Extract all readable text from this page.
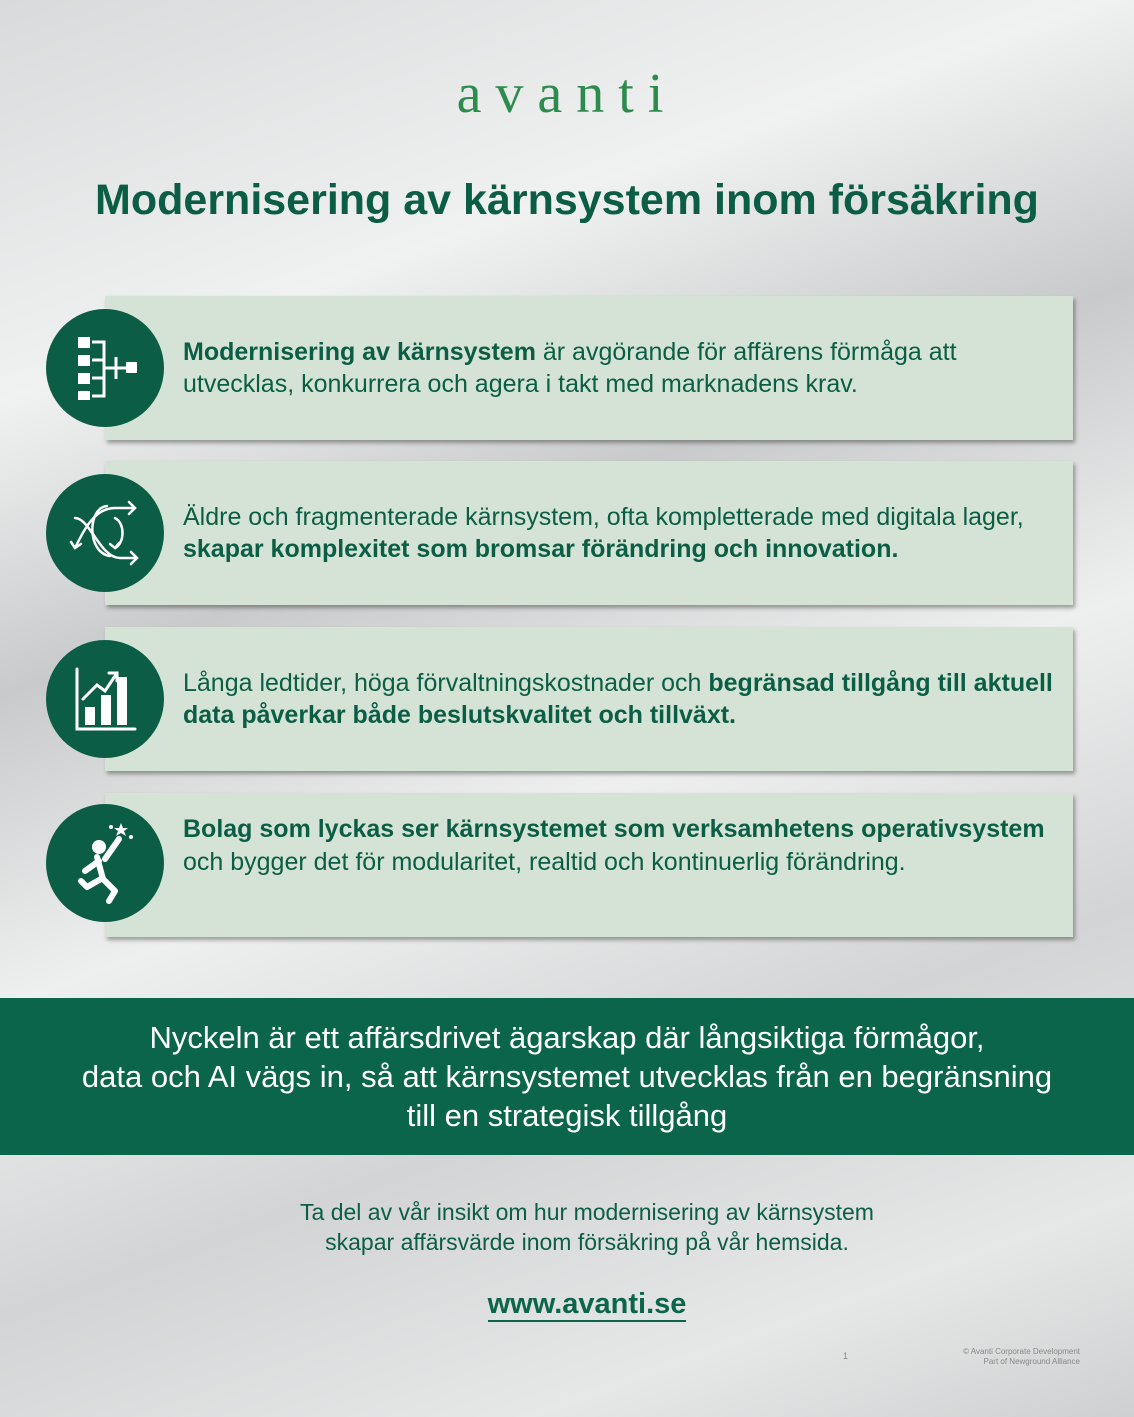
avanti
Modernisering av kärnsystem inom försäkring
Modernisering av kärnsystem är avgörande för affärens förmåga att utvecklas, konkurrera och agera i takt med marknadens krav.
Äldre och fragmenterade kärnsystem, ofta kompletterade med digitala lager, skapar komplexitet som bromsar förändring och innovation.
Långa ledtider, höga förvaltningskostnader och begränsad tillgång till aktuell data påverkar både beslutskvalitet och tillväxt.
Bolag som lyckas ser kärnsystemet som verksamhetens operativsystem och bygger det för modularitet, realtid och kontinuerlig förändring.
Nyckeln är ett affärsdrivet ägarskap där långsiktiga förmågor,
data och AI vägs in, så att kärnsystemet utvecklas från en begränsning
till en strategisk tillgång
Ta del av vår insikt om hur modernisering av kärnsystem
skapar affärsvärde inom försäkring på vår hemsida.
www.avanti.se
1	© Avanti Corporate Development
Part of Newground Alliance
